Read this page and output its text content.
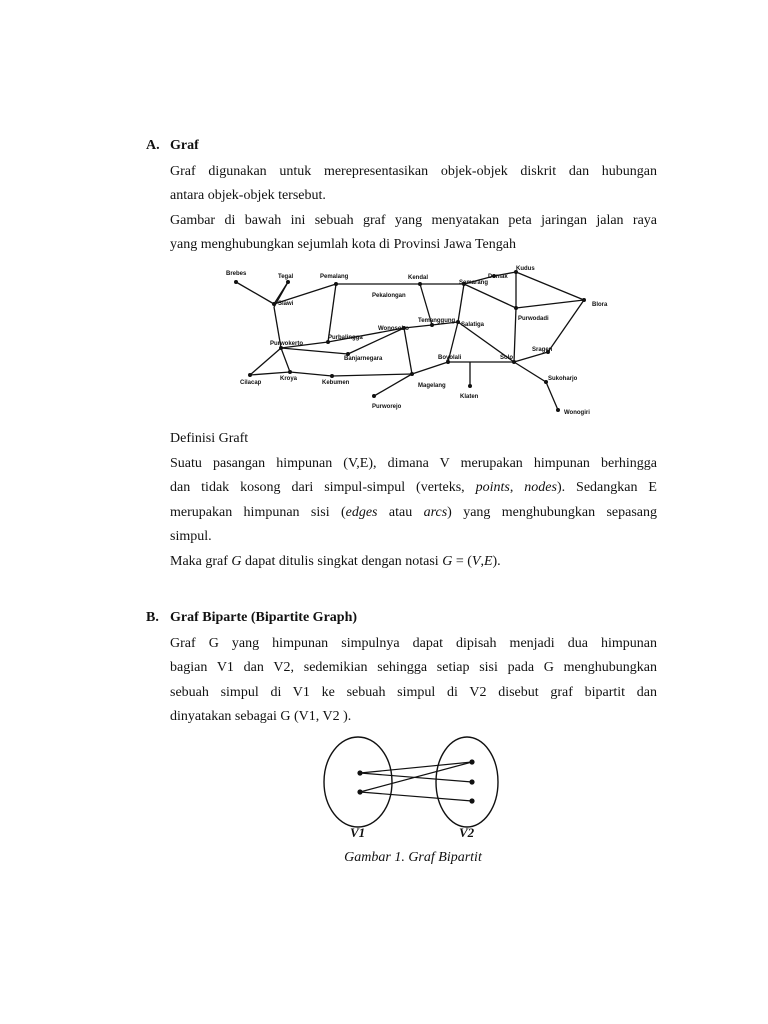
A. Graf
Graf digunakan untuk merepresentasikan objek-objek diskrit dan hubungan
antara objek-objek tersebut.
Gambar di bawah ini sebuah graf yang menyatakan peta jaringan jalan raya
yang menghubungkan sejumlah kota di Provinsi Jawa Tengah
Brebes	Tegal	Pemalang
Pekalongan
Kendal
Semarang
Demak
Kudus
Blora
Slawi
Purwodadi
Temanggung
Salatiga
Wonosobo
Purbalingga
Purwokerto
Banjarnegara	Boyolali	Solo
Sragen
Cilacap
Kroya
Kebumen	Magelang
Sukoharjo
Klaten
Purworejo
Wonogiri
Definisi Graft
Suatu pasangan himpunan (V,E), dimana V merupakan himpunan berhingga
dan tidak kosong dari simpul-simpul (verteks, points, nodes). Sedangkan E
merupakan himpunan sisi (edges atau arcs) yang menghubungkan sepasang
simpul.
Maka graf G dapat ditulis singkat dengan notasi G = (V,E).
B. Graf Biparte (Bipartite Graph)
Graf G yang himpunan simpulnya dapat dipisah menjadi dua himpunan
bagian V1 dan V2, sedemikian sehingga setiap sisi pada G menghubungkan
sebuah simpul di V1 ke sebuah simpul di V2 disebut graf bipartit dan
dinyatakan sebagai G (V1, V2 ).
V1	V2
Gambar 1. Graf Bipartit
